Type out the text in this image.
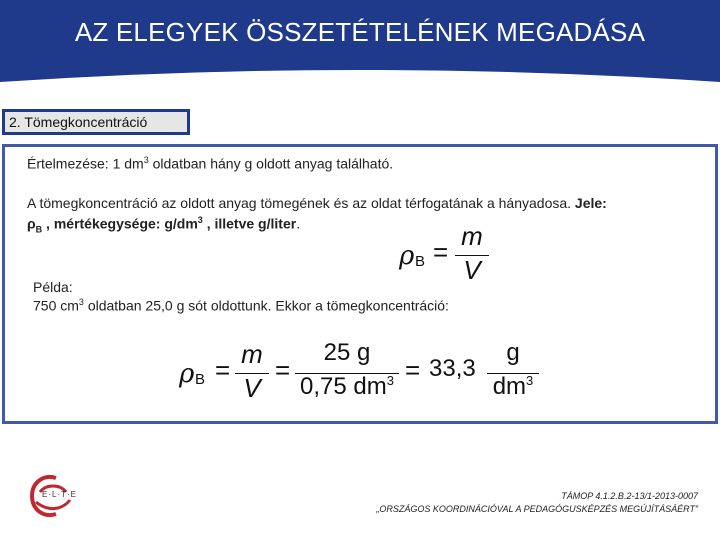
AZ ELEGYEK ÖSSZETÉTELÉNEK MEGADÁSA
2. Tömegkoncentráció
Értelmezése: 1 $dm^3$ oldatban hány g oldott anyag található.
A tömegkoncentráció az oldott anyag tömegének és az oldat térfogatának a hányadosa. Jele:
$\rho_B$ , mértékegysége: $g/dm^3$ , illetve g/liter.
ρ B =
m
V
Példa:
750 $cm^3$ oldatban 25,0 g sót oldottunk. Ekkor a tömegkoncentráció:
ρ B =
m
V
=
25 g
0,75 $dm^3 = 33,3$
g
$dm^3$
E·L·T·E	TÁMOP 4.1.2.B.2-13/1-2013-0007
„ORSZÁGOS KOORDINÁCIÓVAL A PEDAGÓGUSKÉPZÉS MEGÚJÍTÁSÁÉRT”
